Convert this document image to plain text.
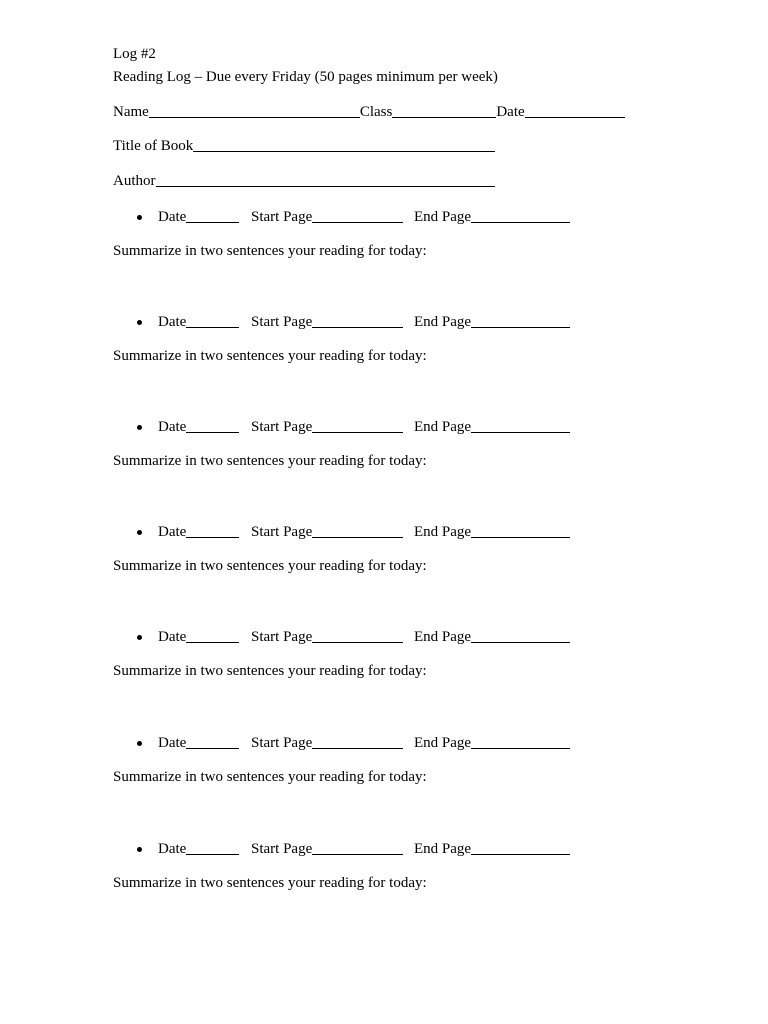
Log #2
Reading Log – Due every Friday (50 pages minimum per week)
Name	Class	Date
Title of Book
Author
Date	Start Page	End Page
Summarize in two sentences your reading for today:
Date	Start Page	End Page
Summarize in two sentences your reading for today:
Date	Start Page	End Page
Summarize in two sentences your reading for today:
Date	Start Page	End Page
Summarize in two sentences your reading for today:
Date	Start Page	End Page
Summarize in two sentences your reading for today:
Date	Start Page	End Page
Summarize in two sentences your reading for today:
Date	Start Page	End Page
Summarize in two sentences your reading for today:
